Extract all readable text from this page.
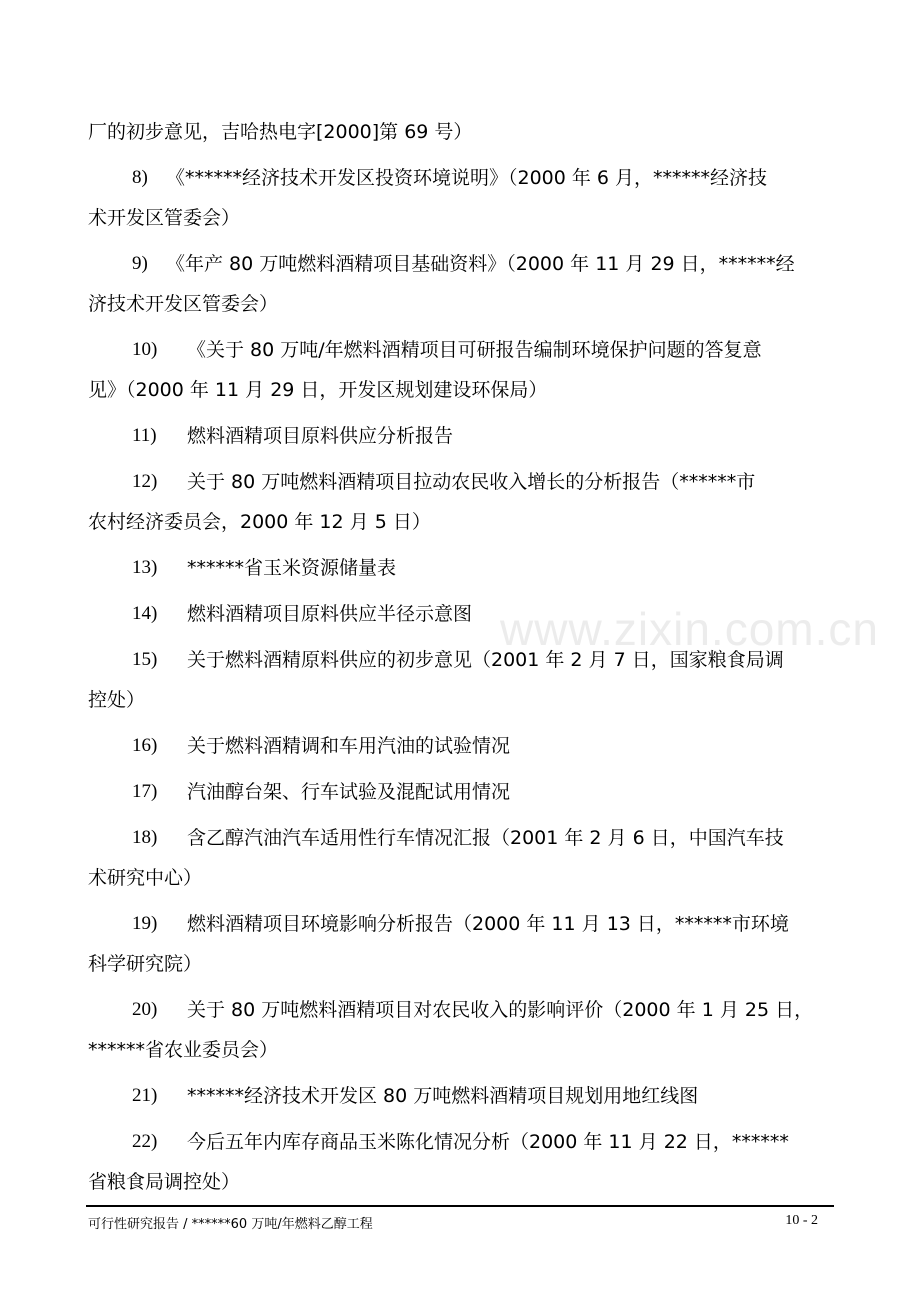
www.zixin.com.cn
厂的初步意见，吉哈热电字[2000]第 69 号）
8) 《******经济技术开发区投资环境说明》（2000 年 6 月，******经济技
术开发区管委会）
9) 《年产 80 万吨燃料酒精项目基础资料》（2000 年 11 月 29 日，******经
济技术开发区管委会）
10) 《关于 80 万吨/年燃料酒精项目可研报告编制环境保护问题的答复意
见》（2000 年 11 月 29 日，开发区规划建设环保局）
11) 燃料酒精项目原料供应分析报告
12) 关于 80 万吨燃料酒精项目拉动农民收入增长的分析报告（******市
农村经济委员会，2000 年 12 月 5 日）
13) ******省玉米资源储量表
14) 燃料酒精项目原料供应半径示意图
15) 关于燃料酒精原料供应的初步意见（2001 年 2 月 7 日，国家粮食局调
控处）
16) 关于燃料酒精调和车用汽油的试验情况
17) 汽油醇台架、行车试验及混配试用情况
18) 含乙醇汽油汽车适用性行车情况汇报（2001 年 2 月 6 日，中国汽车技
术研究中心）
19) 燃料酒精项目环境影响分析报告（2000 年 11 月 13 日，******市环境
科学研究院）
20) 关于 80 万吨燃料酒精项目对农民收入的影响评价（2000 年 1 月 25 日，
******省农业委员会）
21) ******经济技术开发区 80 万吨燃料酒精项目规划用地红线图
22) 今后五年内库存商品玉米陈化情况分析（2000 年 11 月 22 日，******
省粮食局调控处）
可行性研究报告 / ******60 万吨/年燃料乙醇工程	10 - 2
